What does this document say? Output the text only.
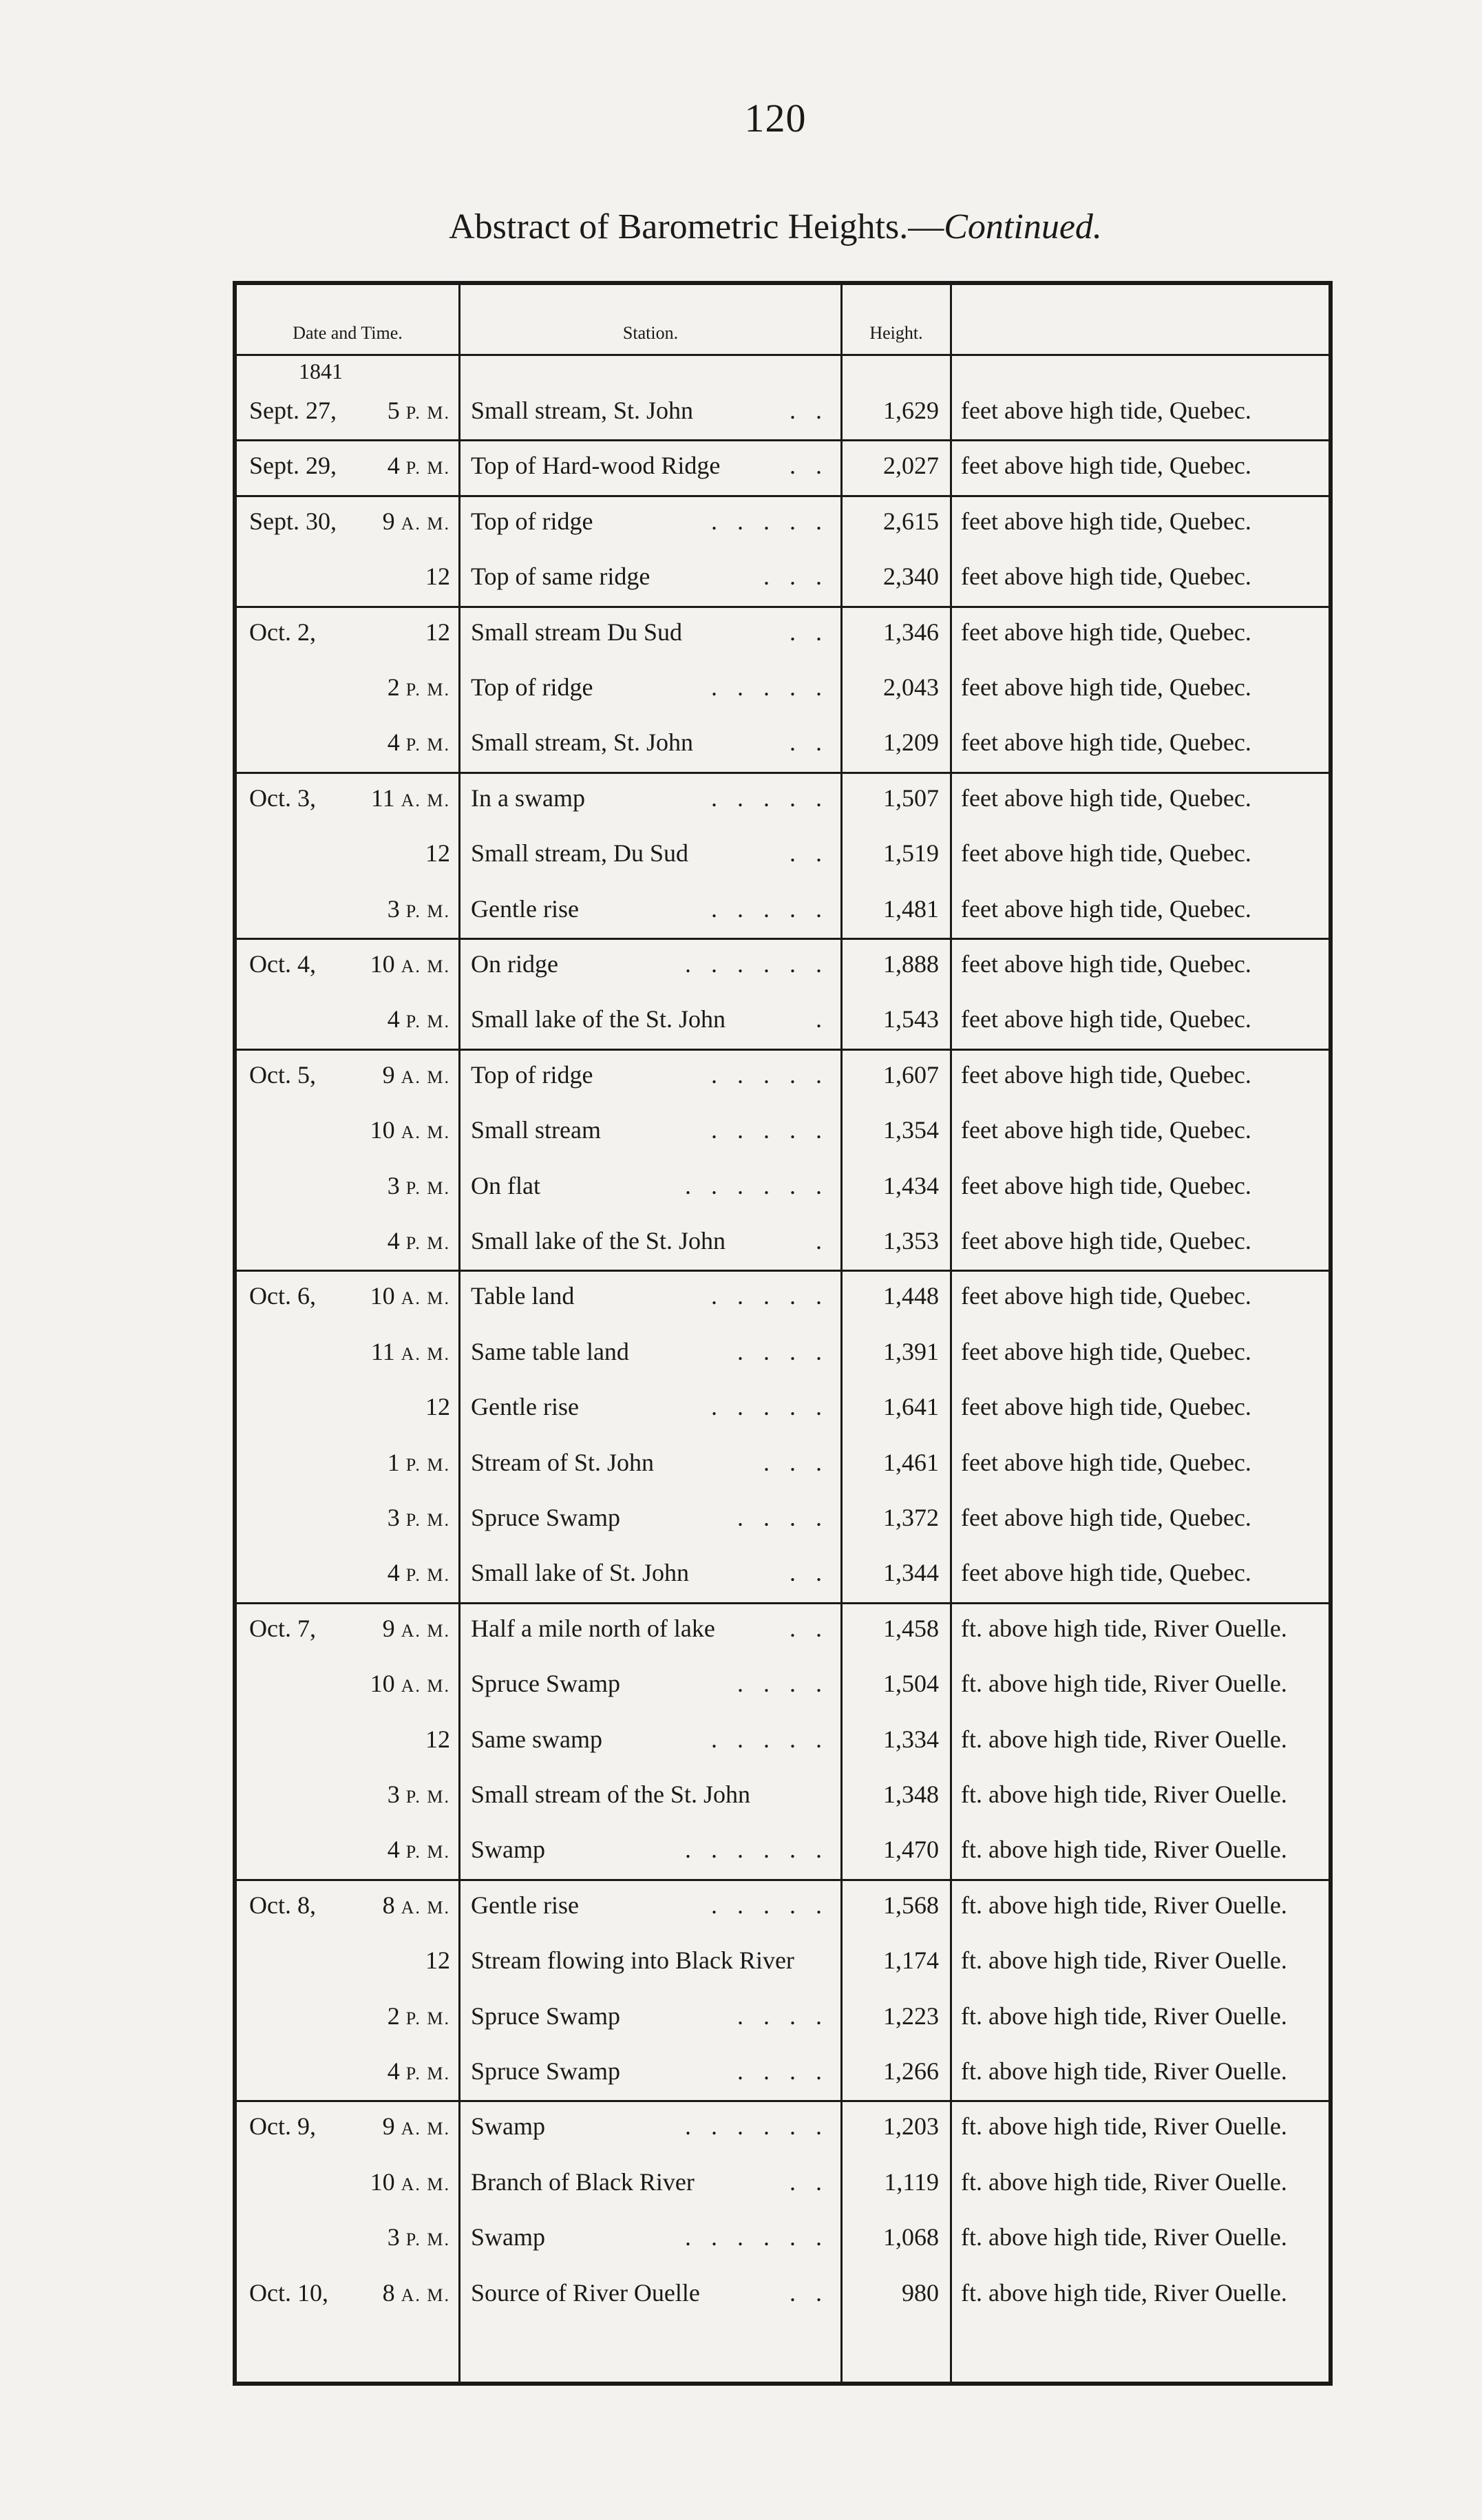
120
Abstract of Barometric Heights.—Continued.
Date and Time.	Station.	Height.
1841
Sept. 27,	5 P. M. Small stream, St. John	. .	1,629 feet above high tide, Quebec.
Sept. 29,	4 P. M. Top of Hard-wood Ridge	. .	2,027 feet above high tide, Quebec.
Sept. 30,	9 A. M. Top of ridge	. . . . .	2,615 feet above high tide, Quebec.
12 Top of same ridge	. . .	2,340 feet above high tide, Quebec.
Oct. 2,	12 Small stream Du Sud	. .	1,346 feet above high tide, Quebec.
2 P. M. Top of ridge	. . . . .	2,043 feet above high tide, Quebec.
4 P. M. Small stream, St. John	. .	1,209 feet above high tide, Quebec.
Oct. 3,	11 A. M. In a swamp	. . . . .	1,507 feet above high tide, Quebec.
12 Small stream, Du Sud	. .	1,519 feet above high tide, Quebec.
3 P. M. Gentle rise	. . . . .	1,481 feet above high tide, Quebec.
Oct. 4,	10 A. M. On ridge	. . . . . .	1,888 feet above high tide, Quebec.
4 P. M. Small lake of the St. John	.	1,543 feet above high tide, Quebec.
Oct. 5,	9 A. M. Top of ridge	. . . . .	1,607 feet above high tide, Quebec.
10 A. M. Small stream	. . . . .	1,354 feet above high tide, Quebec.
3 P. M. On flat	. . . . . .	1,434 feet above high tide, Quebec.
4 P. M. Small lake of the St. John	.	1,353 feet above high tide, Quebec.
Oct. 6,	10 A. M. Table land	. . . . .	1,448 feet above high tide, Quebec.
11 A. M. Same table land	. . . .	1,391 feet above high tide, Quebec.
12 Gentle rise	. . . . .	1,641 feet above high tide, Quebec.
1 P. M. Stream of St. John	. . .	1,461 feet above high tide, Quebec.
3 P. M. Spruce Swamp	. . . .	1,372 feet above high tide, Quebec.
4 P. M. Small lake of St. John	. .	1,344 feet above high tide, Quebec.
Oct. 7,	9 A. M. Half a mile north of lake	. .	1,458 ft. above high tide, River Ouelle.
10 A. M. Spruce Swamp	. . . .	1,504 ft. above high tide, River Ouelle.
12 Same swamp	. . . . .	1,334 ft. above high tide, River Ouelle.
3 P. M. Small stream of the St. John	1,348 ft. above high tide, River Ouelle.
4 P. M. Swamp	. . . . . .	1,470 ft. above high tide, River Ouelle.
Oct. 8,	8 A. M. Gentle rise	. . . . .	1,568 ft. above high tide, River Ouelle.
12 Stream flowing into Black River	1,174 ft. above high tide, River Ouelle.
2 P. M. Spruce Swamp	. . . .	1,223 ft. above high tide, River Ouelle.
4 P. M. Spruce Swamp	. . . .	1,266 ft. above high tide, River Ouelle.
Oct. 9,	9 A. M. Swamp	. . . . . .	1,203 ft. above high tide, River Ouelle.
10 A. M. Branch of Black River	. .	1,119 ft. above high tide, River Ouelle.
3 P. M. Swamp	. . . . . .	1,068 ft. above high tide, River Ouelle.
Oct. 10,	8 A. M. Source of River Ouelle	. .	980 ft. above high tide, River Ouelle.
